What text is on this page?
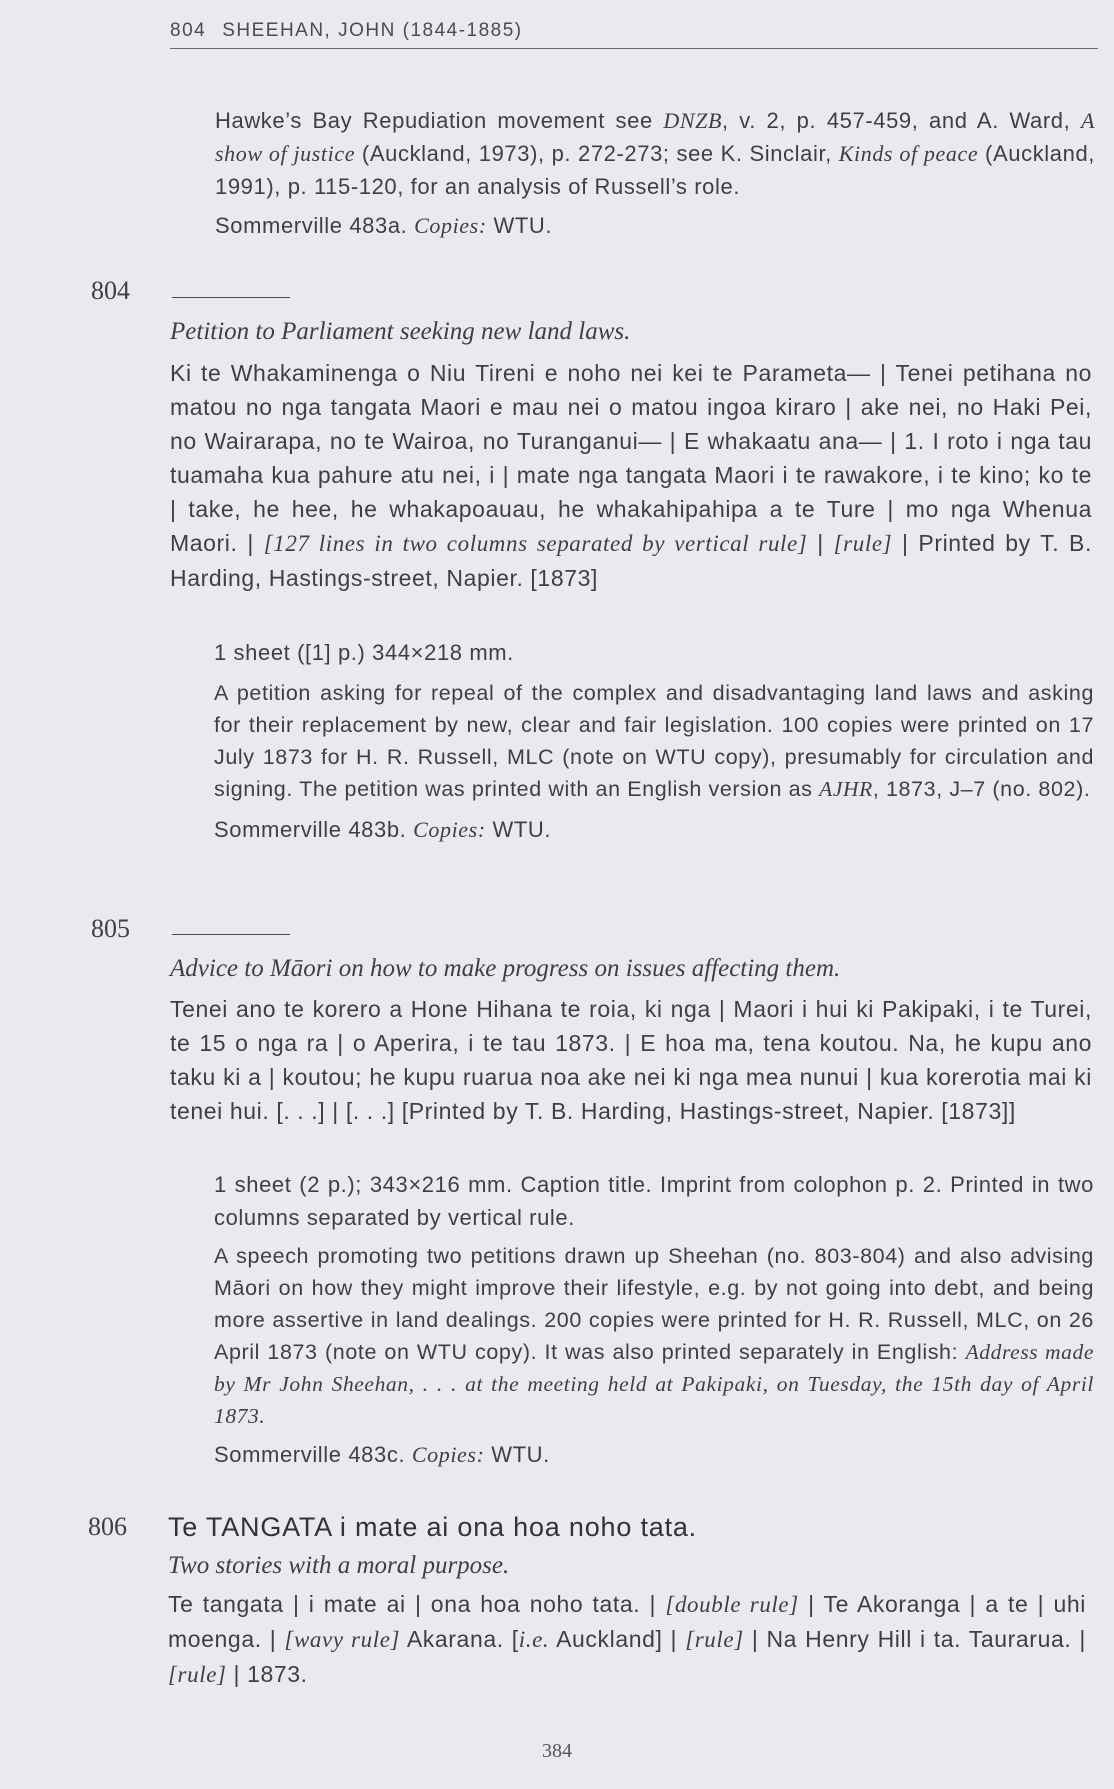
804 SHEEHAN, JOHN (1844-1885)

Hawke’s Bay Repudiation movement see DNZB, v. 2, p. 457-459, and A. Ward, A show of justice (Auckland, 1973), p. 272-273; see K. Sinclair, Kinds of peace (Auckland, 1991), p. 115-120, for an analysis of Russell’s role.

Sommerville 483a. Copies: WTU.

804
Petition to Parliament seeking new land laws.

Ki te Whakaminenga o Niu Tireni e noho nei kei te Parameta— | Tenei petihana no matou no nga tangata Maori e mau nei o matou ingoa kiraro | ake nei, no Haki Pei, no Wairarapa, no te Wairoa, no Turanganui— | E whakaatu ana— | 1. I roto i nga tau tuamaha kua pahure atu nei, i | mate nga tangata Maori i te rawakore, i te kino; ko te | take, he hee, he whakapoauau, he whakahipahipa a te Ture | mo nga Whenua Maori. | [127 lines in two columns separated by vertical rule] | [rule] | Printed by T. B. Harding, Hastings-street, Napier. [1873]

1 sheet ([1] p.) 344×218 mm.

A petition asking for repeal of the complex and disadvantaging land laws and asking for their replacement by new, clear and fair legislation. 100 copies were printed on 17 July 1873 for H. R. Russell, MLC (note on WTU copy), presumably for circulation and signing. The petition was printed with an English version as AJHR, 1873, J–7 (no. 802).

Sommerville 483b. Copies: WTU.

805
Advice to Māori on how to make progress on issues affecting them.

Tenei ano te korero a Hone Hihana te roia, ki nga | Maori i hui ki Pakipaki, i te Turei, te 15 o nga ra | o Aperira, i te tau 1873. | E hoa ma, tena koutou. Na, he kupu ano taku ki a | koutou; he kupu ruarua noa ake nei ki nga mea nunui | kua korerotia mai ki tenei hui. [. . .] | [. . .] [Printed by T. B. Harding, Hastings-street, Napier. [1873]]

1 sheet (2 p.); 343×216 mm. Caption title. Imprint from colophon p. 2. Printed in two columns separated by vertical rule.

A speech promoting two petitions drawn up Sheehan (no. 803-804) and also advising Māori on how they might improve their lifestyle, e.g. by not going into debt, and being more assertive in land dealings. 200 copies were printed for H. R. Russell, MLC, on 26 April 1873 (note on WTU copy). It was also printed separately in English: Address made by Mr John Sheehan, . . . at the meeting held at Pakipaki, on Tuesday, the 15th day of April 1873.

Sommerville 483c. Copies: WTU.

806 Te TANGATA i mate ai ona hoa noho tata.
Two stories with a moral purpose.

Te tangata | i mate ai | ona hoa noho tata. | [double rule] | Te Akoranga | a te | uhi moenga. | [wavy rule] Akarana. [i.e. Auckland] | [rule] | Na Henry Hill i ta. Taurarua. | [rule] | 1873.

384
